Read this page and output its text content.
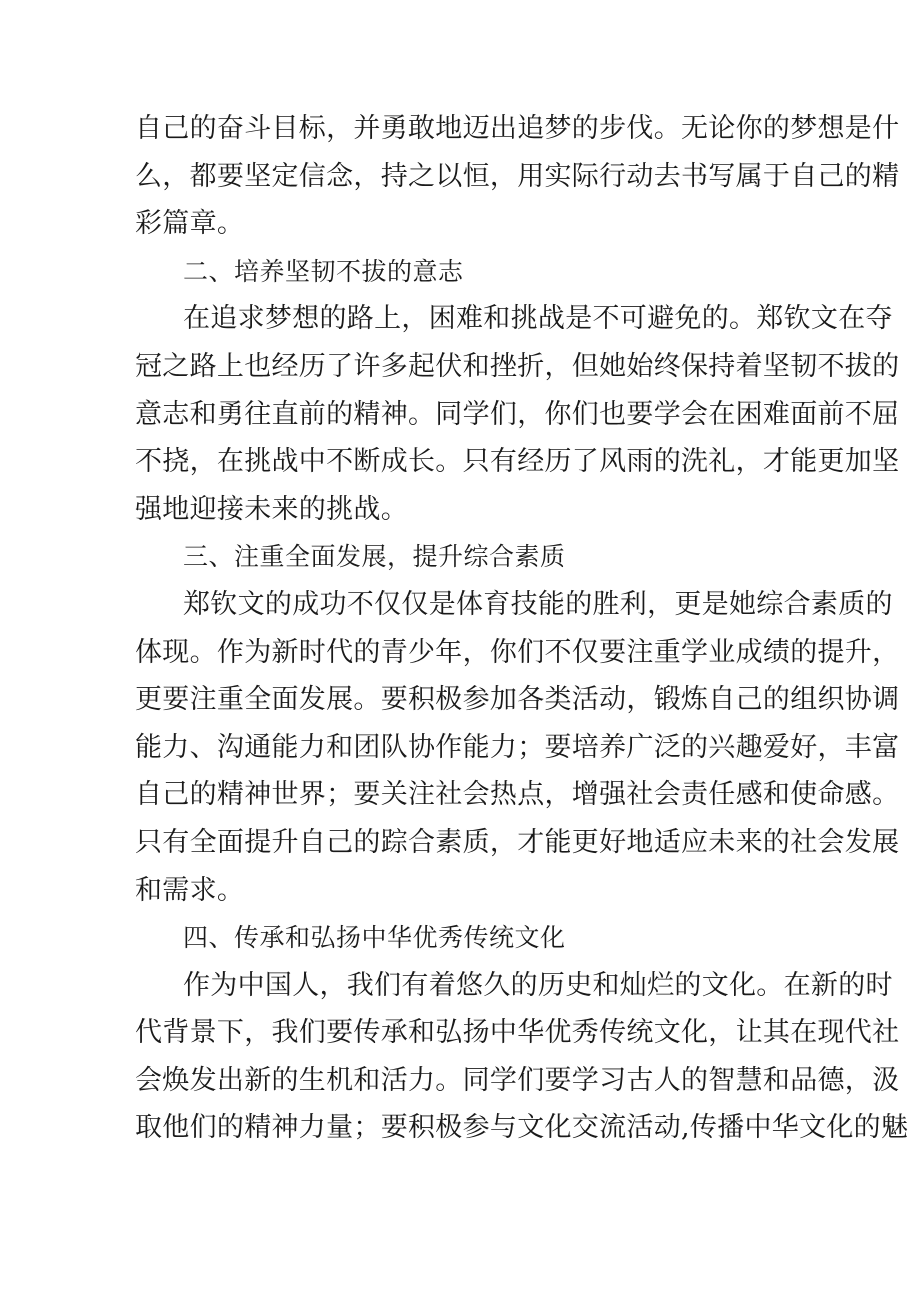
自己的奋斗目标，并勇敢地迈出追梦的步伐。无论你的梦想是什
么，都要坚定信念，持之以恒，用实际行动去书写属于自己的精
彩篇章。
二、培养坚韧不拔的意志
在追求梦想的路上，困难和挑战是不可避免的。郑钦文在夺
冠之路上也经历了许多起伏和挫折，但她始终保持着坚韧不拔的
意志和勇往直前的精神。同学们，你们也要学会在困难面前不屈
不挠，在挑战中不断成长。只有经历了风雨的洗礼，才能更加坚
强地迎接未来的挑战。
三、注重全面发展，提升综合素质
郑钦文的成功不仅仅是体育技能的胜利，更是她综合素质的
体现。作为新时代的青少年，你们不仅要注重学业成绩的提升，
更要注重全面发展。要积极参加各类活动，锻炼自己的组织协调
能力、沟通能力和团队协作能力；要培养广泛的兴趣爱好，丰富
自己的精神世界；要关注社会热点，增强社会责任感和使命感。
只有全面提升自己的踪合素质，才能更好地适应未来的社会发展
和需求。
四、传承和弘扬中华优秀传统文化
作为中国人，我们有着悠久的历史和灿烂的文化。在新的时
代背景下，我们要传承和弘扬中华优秀传统文化，让其在现代社
会焕发出新的生机和活力。同学们要学习古人的智慧和品德，汲
取他们的精神力量；要积极参与文化交流活动,传播中华文化的魅
